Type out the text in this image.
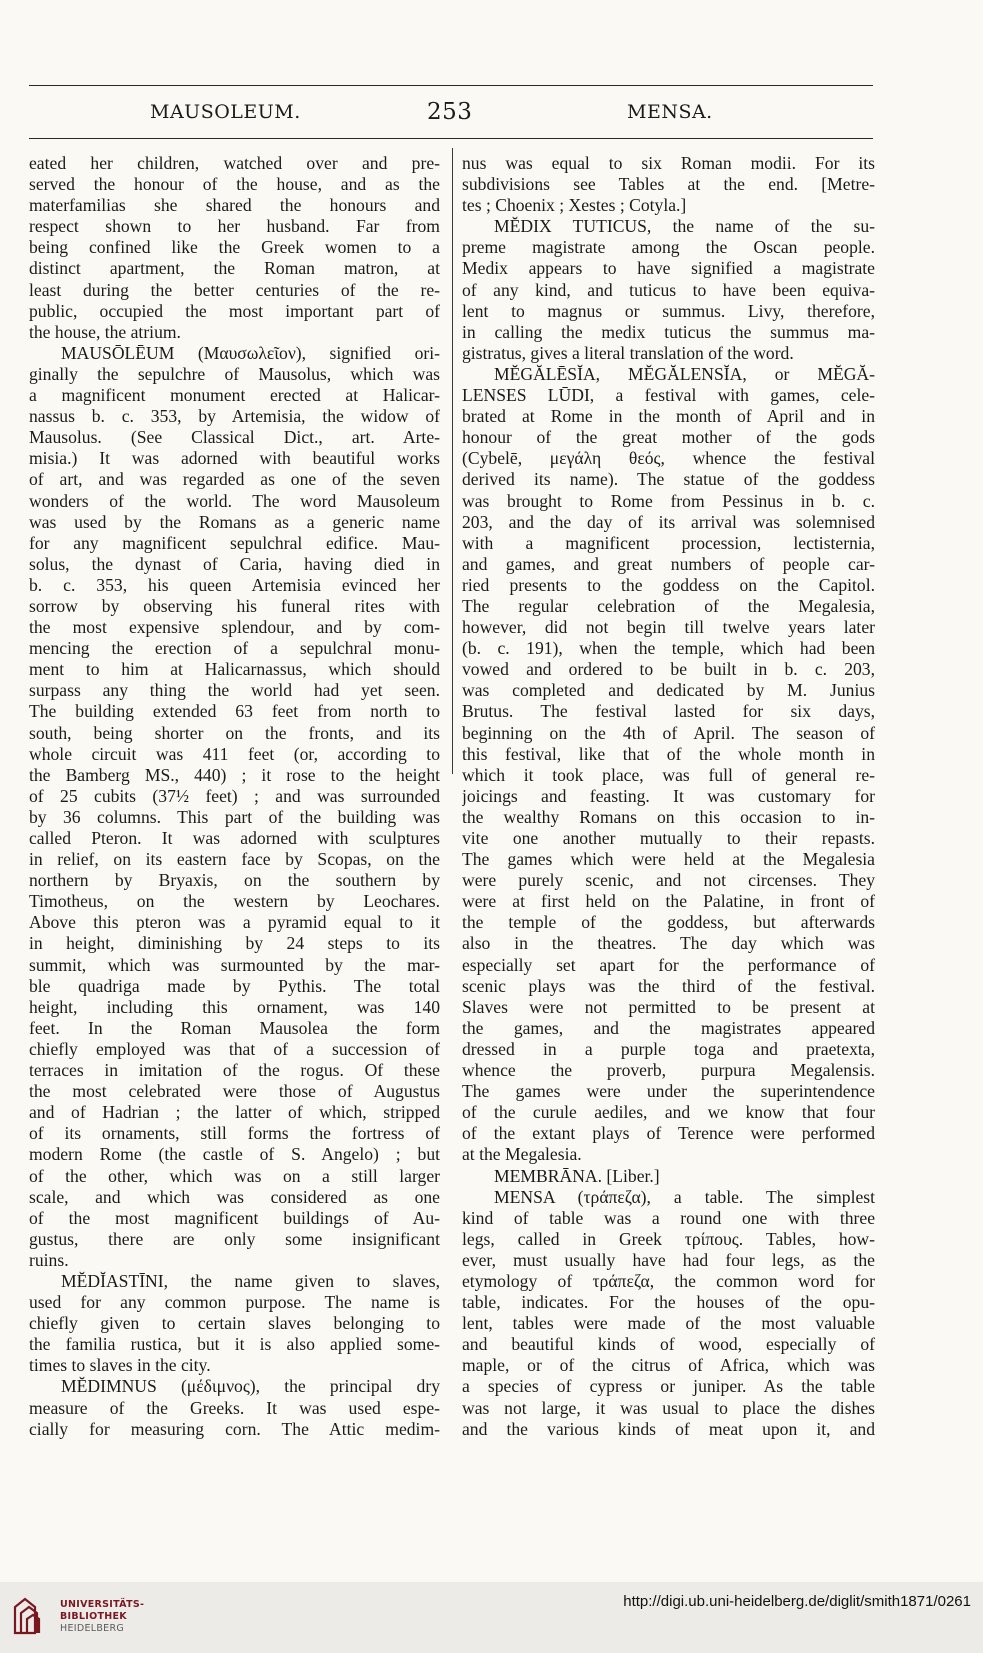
MAUSOLEUM.	253	MENSA.
eated her children, watched over and pre-
served the honour of the house, and as the
materfamilias she shared the honours and
respect shown to her husband. Far from
being confined like the Greek women to a
distinct apartment, the Roman matron, at
least during the better centuries of the re-
public, occupied the most important part of
the house, the atrium.
MAUSŌLĒUM (Μαυσωλεῖον), signified ori-
ginally the sepulchre of Mausolus, which was
a magnificent monument erected at Halicar-
nassus b. c. 353, by Artemisia, the widow of
Mausolus. (See Classical Dict., art. Arte-
misia.) It was adorned with beautiful works
of art, and was regarded as one of the seven
wonders of the world. The word Mausoleum
was used by the Romans as a generic name
for any magnificent sepulchral edifice. Mau-
solus, the dynast of Caria, having died in
b. c. 353, his queen Artemisia evinced her
sorrow by observing his funeral rites with
the most expensive splendour, and by com-
mencing the erection of a sepulchral monu-
ment to him at Halicarnassus, which should
surpass any thing the world had yet seen.
The building extended 63 feet from north to
south, being shorter on the fronts, and its
whole circuit was 411 feet (or, according to
the Bamberg MS., 440) ; it rose to the height
of 25 cubits (37½ feet) ; and was surrounded
by 36 columns. This part of the building was
called Pteron. It was adorned with sculptures
in relief, on its eastern face by Scopas, on the
northern by Bryaxis, on the southern by
Timotheus, on the western by Leochares.
Above this pteron was a pyramid equal to it
in height, diminishing by 24 steps to its
summit, which was surmounted by the mar-
ble quadriga made by Pythis. The total
height, including this ornament, was 140
feet. In the Roman Mausolea the form
chiefly employed was that of a succession of
terraces in imitation of the rogus. Of these
the most celebrated were those of Augustus
and of Hadrian ; the latter of which, stripped
of its ornaments, still forms the fortress of
modern Rome (the castle of S. Angelo) ; but
of the other, which was on a still larger
scale, and which was considered as one
of the most magnificent buildings of Au-
gustus, there are only some insignificant
ruins.
MĔDĬASTĪNI, the name given to slaves,
used for any common purpose. The name is
chiefly given to certain slaves belonging to
the familia rustica, but it is also applied some-
times to slaves in the city.
MĔDIMNUS (μέδιμνος), the principal dry
measure of the Greeks. It was used espe-
cially for measuring corn. The Attic medim-
nus was equal to six Roman modii. For its
subdivisions see Tables at the end. [Metre-
tes ; Choenix ; Xestes ; Cotyla.]
MĔDIX TUTICUS, the name of the su-
preme magistrate among the Oscan people.
Medix appears to have signified a magistrate
of any kind, and tuticus to have been equiva-
lent to magnus or summus. Livy, therefore,
in calling the medix tuticus the summus ma-
gistratus, gives a literal translation of the word.
MĔGĂLĒSĬA, MĔGĂLENSĬA, or MĔGĂ-
LENSES LŪDI, a festival with games, cele-
brated at Rome in the month of April and in
honour of the great mother of the gods
(Cybelē, μεγάλη θεός, whence the festival
derived its name). The statue of the goddess
was brought to Rome from Pessinus in b. c.
203, and the day of its arrival was solemnised
with a magnificent procession, lectisternia,
and games, and great numbers of people car-
ried presents to the goddess on the Capitol.
The regular celebration of the Megalesia,
however, did not begin till twelve years later
(b. c. 191), when the temple, which had been
vowed and ordered to be built in b. c. 203,
was completed and dedicated by M. Junius
Brutus. The festival lasted for six days,
beginning on the 4th of April. The season of
this festival, like that of the whole month in
which it took place, was full of general re-
joicings and feasting. It was customary for
the wealthy Romans on this occasion to in-
vite one another mutually to their repasts.
The games which were held at the Megalesia
were purely scenic, and not circenses. They
were at first held on the Palatine, in front of
the temple of the goddess, but afterwards
also in the theatres. The day which was
especially set apart for the performance of
scenic plays was the third of the festival.
Slaves were not permitted to be present at
the games, and the magistrates appeared
dressed in a purple toga and praetexta,
whence the proverb, purpura Megalensis.
The games were under the superintendence
of the curule aediles, and we know that four
of the extant plays of Terence were performed
at the Megalesia.
MEMBRĀNA. [Liber.]
MENSA (τράπεζα), a table. The simplest
kind of table was a round one with three
legs, called in Greek τρίπους. Tables, how-
ever, must usually have had four legs, as the
etymology of τράπεζα, the common word for
table, indicates. For the houses of the opu-
lent, tables were made of the most valuable
and beautiful kinds of wood, especially of
maple, or of the citrus of Africa, which was
a species of cypress or juniper. As the table
was not large, it was usual to place the dishes
and the various kinds of meat upon it, and
UNIVERSITÄTS-
BIBLIOTHEK
HEIDELBERG
http://digi.ub.uni-heidelberg.de/diglit/smith1871/0261
